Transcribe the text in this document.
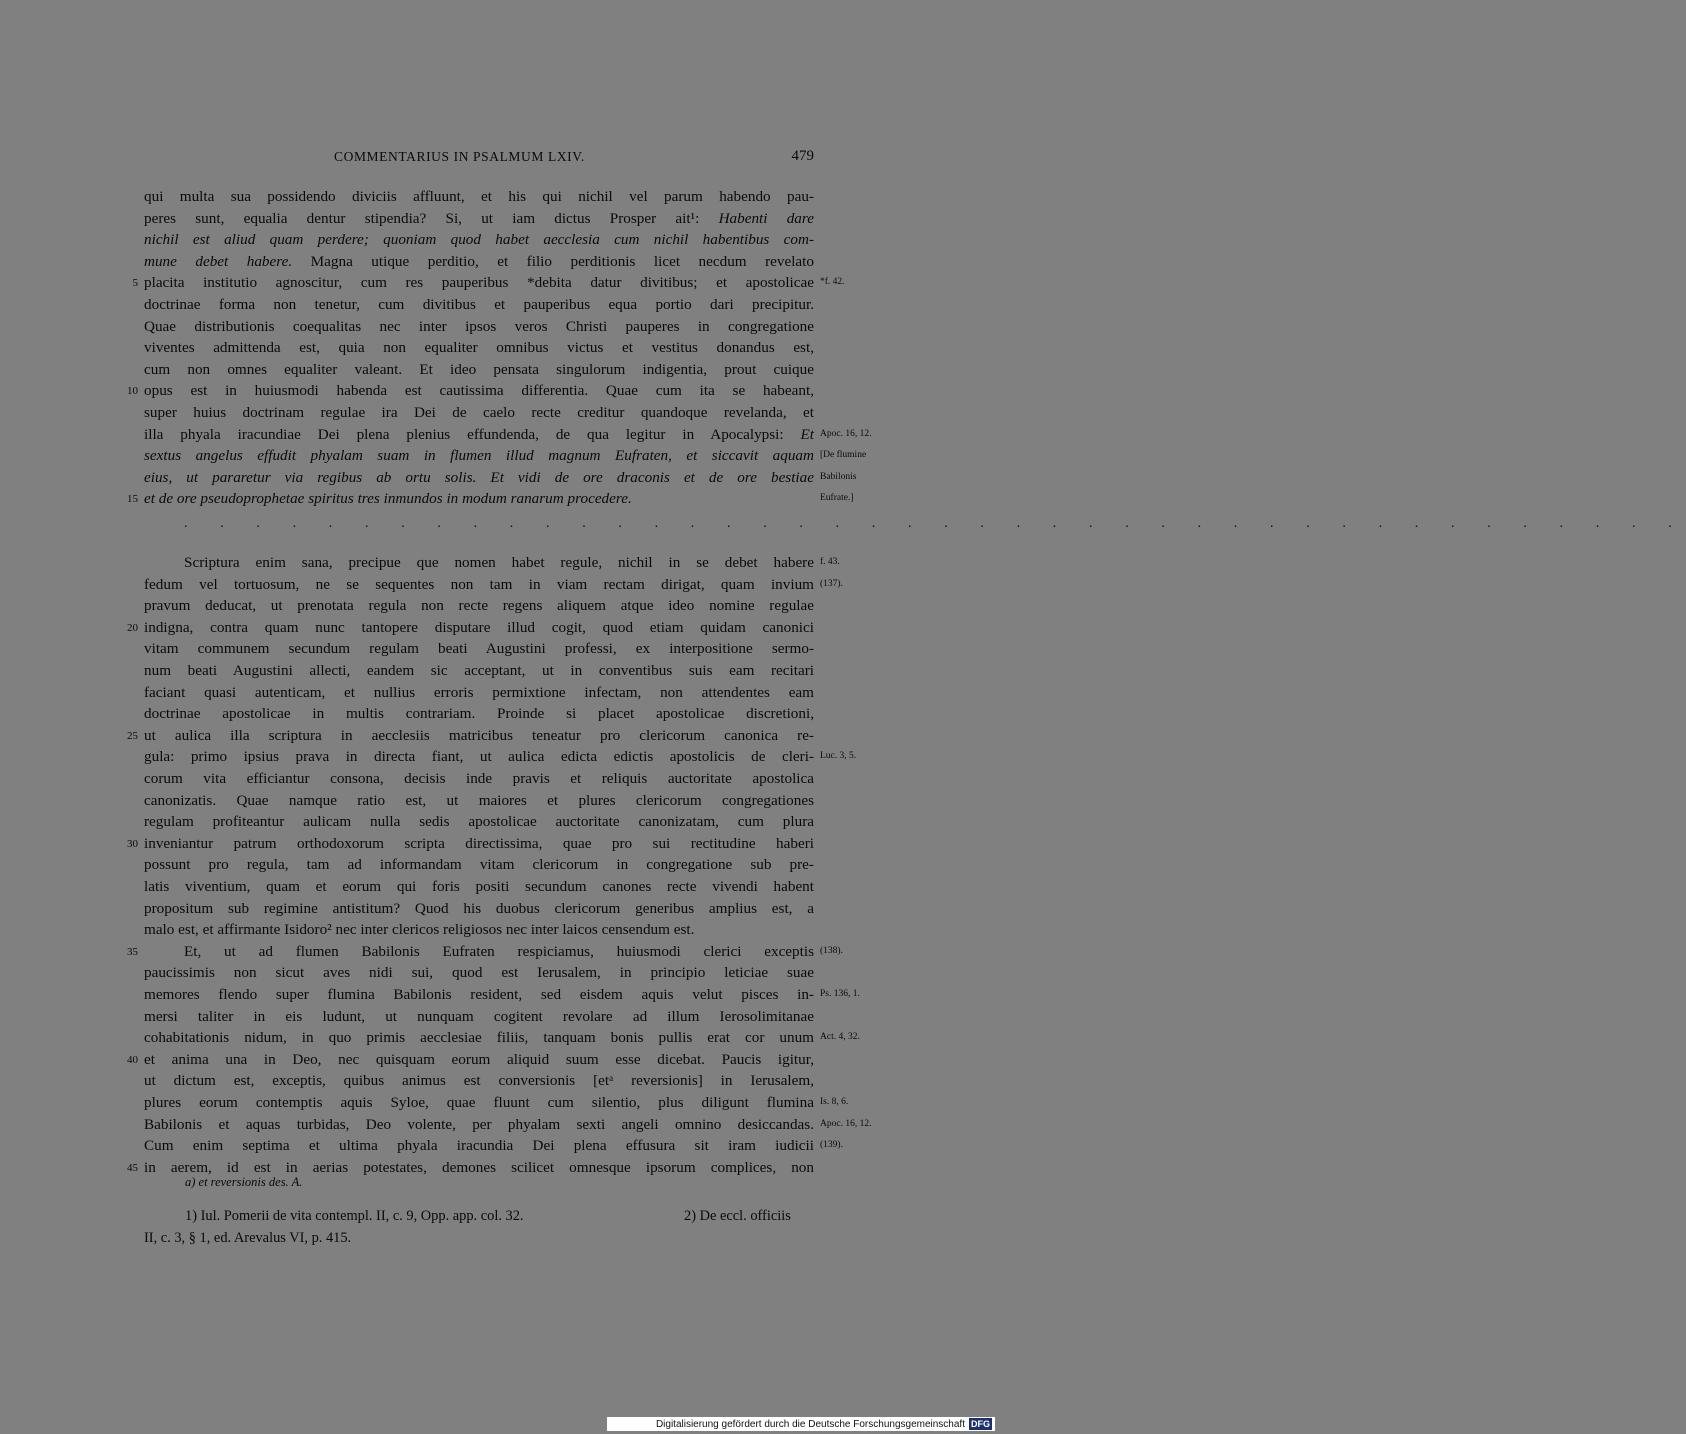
COMMENTARIUS IN PSALMUM LXIV.	479
qui multa sua possidendo diviciis affluunt, et his qui nichil vel parum habendo pau-
peres sunt, equalia dentur stipendia? Si, ut iam dictus Prosper ait¹: Habenti dare
nichil est aliud quam perdere; quoniam quod habet aecclesia cum nichil habentibus com-
mune debet habere. Magna utique perditio, et filio perditionis licet necdum revelato
placita institutio agnoscitur, cum res pauperibus *debita datur divitibus; et apostolicae
5	*f. 42.
doctrinae forma non tenetur, cum divitibus et pauperibus equa portio dari precipitur.
Quae distributionis coequalitas nec inter ipsos veros Christi pauperes in congregatione
viventes admittenda est, quia non equaliter omnibus victus et vestitus donandus est,
cum non omnes equaliter valeant. Et ideo pensata singulorum indigentia, prout cuique
opus est in huiusmodi habenda est cautissima differentia. Quae cum ita se habeant,
10
super huius doctrinam regulae ira Dei de caelo recte creditur quandoque revelanda, et
illa phyala iracundiae Dei plena plenius effundenda, de qua legitur in Apocalypsi: Et Apoc. 16, 12.
sextus angelus effudit phyalam suam in flumen illud magnum Eufraten, et siccavit aquam [De flumine
eius, ut pararetur via regibus ab ortu solis. Et vidi de ore draconis et de ore bestiae Babilonis
et de ore pseudoprophetae spiritus tres inmundos in modum ranarum procedere.
15	Eufrate.]
Scriptura enim sana, precipue que nomen habet regule, nichil in se debet habere f. 43.
fedum vel tortuosum, ne se sequentes non tam in viam rectam dirigat, quam invium (137).
pravum deducat, ut prenotata regula non recte regens aliquem atque ideo nomine regulae
indigna, contra quam nunc tantopere disputare illud cogit, quod etiam quidam canonici
20
vitam communem secundum regulam beati Augustini professi, ex interpositione sermo-
num beati Augustini allecti, eandem sic acceptant, ut in conventibus suis eam recitari
faciant quasi autenticam, et nullius erroris permixtione infectam, non attendentes eam
doctrinae apostolicae in multis contrariam. Proinde si placet apostolicae discretioni,
ut aulica illa scriptura in aecclesiis matricibus teneatur pro clericorum canonica re-
25
gula: primo ipsius prava in directa fiant, ut aulica edicta edictis apostolicis de cleri- Luc. 3, 5.
corum vita efficiantur consona, decisis inde pravis et reliquis auctoritate apostolica
canonizatis. Quae namque ratio est, ut maiores et plures clericorum congregationes
regulam profiteantur aulicam nulla sedis apostolicae auctoritate canonizatam, cum plura
inveniantur patrum orthodoxorum scripta directissima, quae pro sui rectitudine haberi
30
possunt pro regula, tam ad informandam vitam clericorum in congregatione sub pre-
latis viventium, quam et eorum qui foris positi secundum canones recte vivendi habent
propositum sub regimine antistitum? Quod his duobus clericorum generibus amplius est, a
malo est, et affirmante Isidoro² nec inter clericos religiosos nec inter laicos censendum est.
Et, ut ad flumen Babilonis Eufraten respiciamus, huiusmodi clerici exceptis
35	(138).
paucissimis non sicut aves nidi sui, quod est Ierusalem, in principio leticiae suae
memores flendo super flumina Babilonis resident, sed eisdem aquis velut pisces in- Ps. 136, 1.
mersi taliter in eis ludunt, ut nunquam cogitent revolare ad illum Ierosolimitanae
cohabitationis nidum, in quo primis aecclesiae filiis, tanquam bonis pullis erat cor unum Act. 4, 32.
et anima una in Deo, nec quisquam eorum aliquid suum esse dicebat. Paucis igitur,
40
ut dictum est, exceptis, quibus animus est conversionis [etᵃ reversionis] in Ierusalem,
plures eorum contemptis aquis Syloe, quae fluunt cum silentio, plus diligunt flumina Is. 8, 6.
Babilonis et aquas turbidas, Deo volente, per phyalam sexti angeli omnino desiccandas. Apoc. 16, 12.
Cum enim septima et ultima phyala iracundia Dei plena effusura sit iram iudicii (139).
in aerem, id est in aerias potestates, demones scilicet omnesque ipsorum complices, non
45
. . . . . . . . . . . . . . . . . . . . . . . . . . . . . . . . . . . . . . . . . .
a) et reversionis des. A.
1) Iul. Pomerii de vita contempl. II, c. 9, Opp. app. col. 32.	2) De eccl. officiis
II, c. 3, § 1, ed. Arevalus VI, p. 415.
Digitalisierung gefördert durch die Deutsche Forschungsgemeinschaft DFG
